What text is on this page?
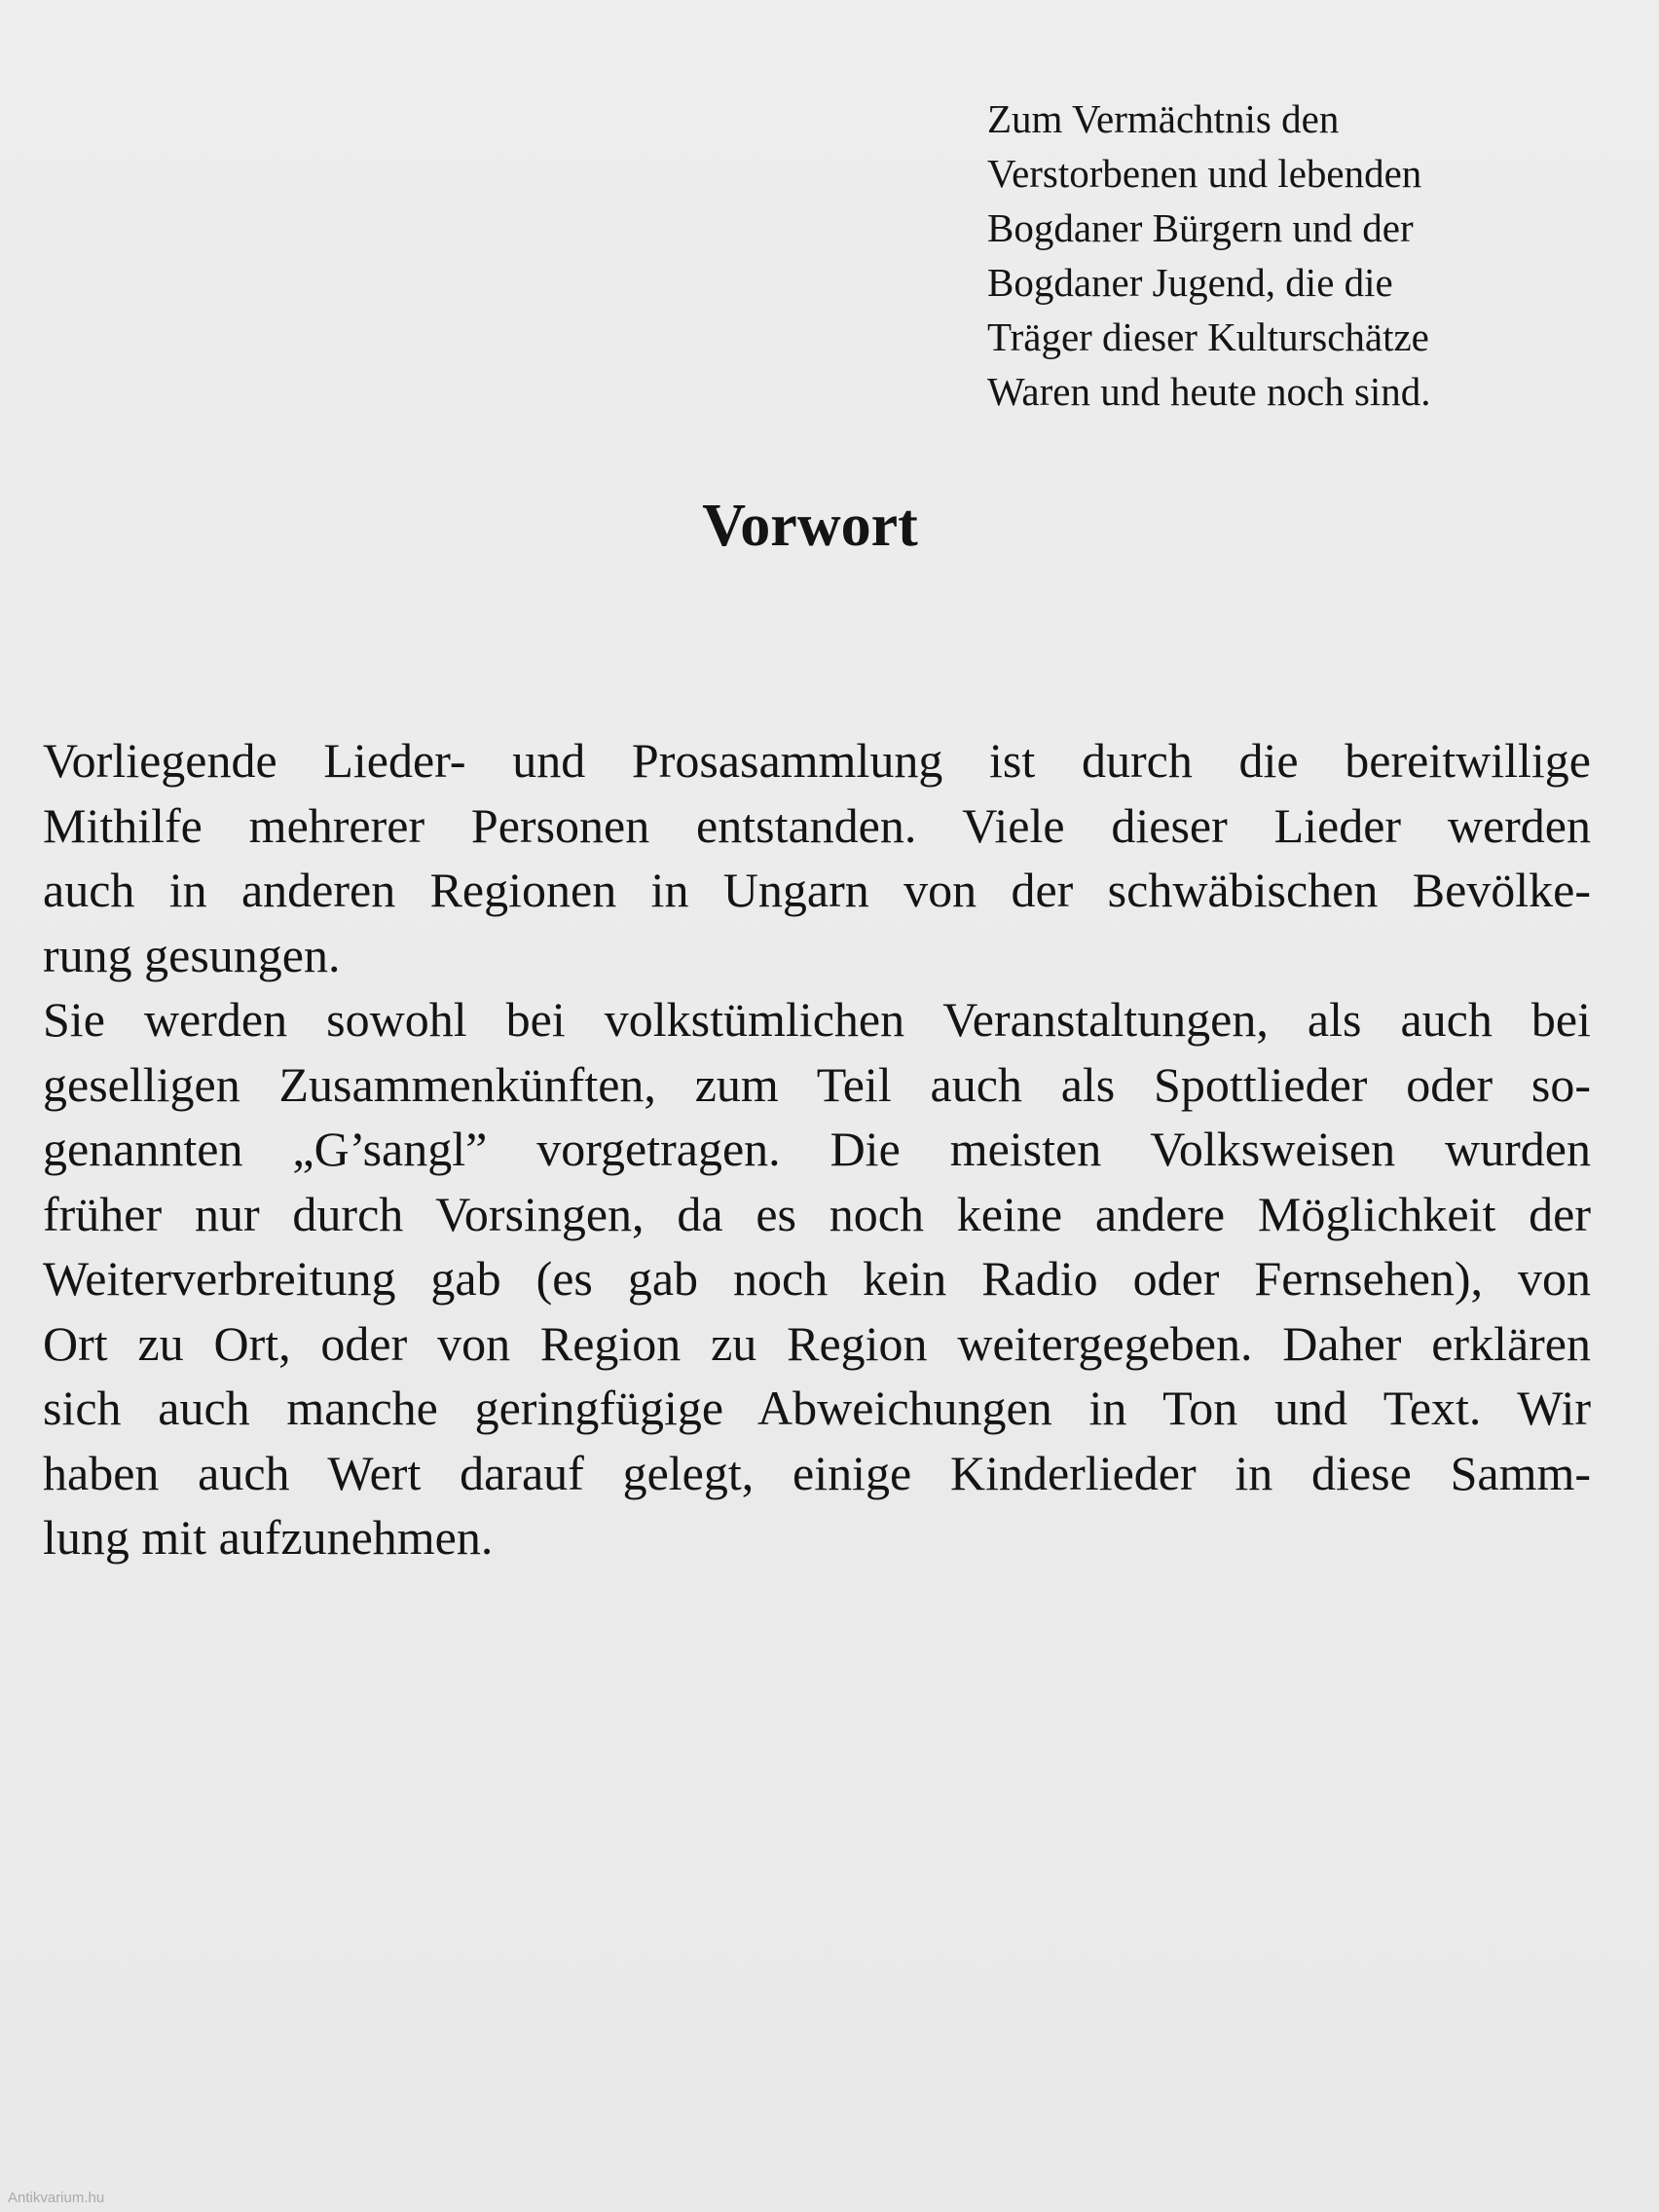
Zum Vermächtnis den
Verstorbenen und lebenden
Bogdaner Bürgern und der
Bogdaner Jugend, die die
Träger dieser Kulturschätze
Waren und heute noch sind.
Vorwort
Vorliegende Lieder- und Prosasammlung ist durch die bereitwillige
Mithilfe mehrerer Personen entstanden. Viele dieser Lieder werden
auch in anderen Regionen in Ungarn von der schwäbischen Bevölke-
rung gesungen.
Sie werden sowohl bei volkstümlichen Veranstaltungen, als auch bei
geselligen Zusammenkünften, zum Teil auch als Spottlieder oder so-
genannten „G’sangl” vorgetragen. Die meisten Volksweisen wurden
früher nur durch Vorsingen, da es noch keine andere Möglichkeit der
Weiterverbreitung gab (es gab noch kein Radio oder Fernsehen), von
Ort zu Ort, oder von Region zu Region weitergegeben. Daher erklären
sich auch manche geringfügige Abweichungen in Ton und Text. Wir
haben auch Wert darauf gelegt, einige Kinderlieder in diese Samm-
lung mit aufzunehmen.
Antikvarium.hu
